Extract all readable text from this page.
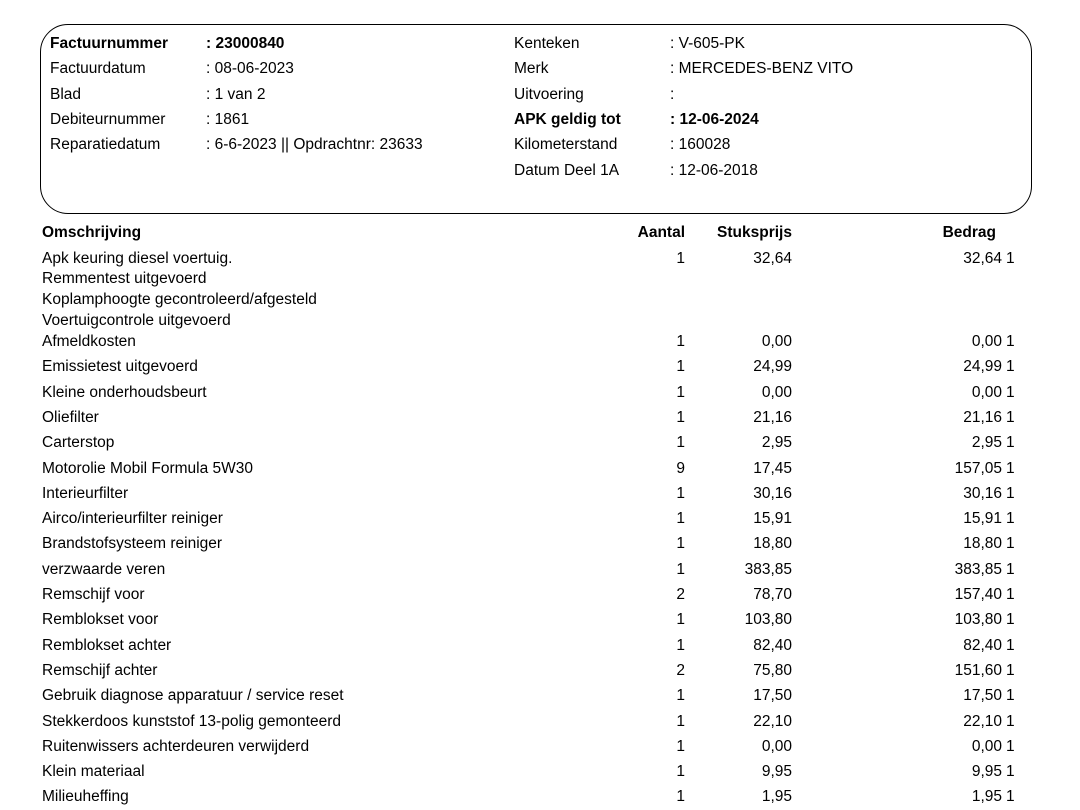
Factuurnummer : 23000840
Factuurdatum	: 08-06-2023
Blad	: 1 van 2
Debiteurnummer	: 1861
Reparatiedatum	: 6-6-2023 || Opdrachtnr: 23633
Kenteken	: V-605-PK
Merk	: MERCEDES-BENZ VITO
Uitvoering	:
APK geldig tot	: 12-06-2024
Kilometerstand	: 160028
Datum Deel 1A	: 12-06-2018
Omschrijving	Aantal Stuksprijs	Bedrag
Apk keuring diesel voertuig.	1	32,64	32,64 1
Remmentest uitgevoerd
Koplamphoogte gecontroleerd/afgesteld
Voertuigcontrole uitgevoerd
Afmeldkosten	1	0,00	0,00 1
Emissietest uitgevoerd	1	24,99	24,99 1
Kleine onderhoudsbeurt	1	0,00	0,00 1
Oliefilter	1	21,16	21,16 1
Carterstop	1	2,95	2,95 1
Motorolie Mobil Formula 5W30	9	17,45	157,05 1
Interieurfilter	1	30,16	30,16 1
Airco/interieurfilter reiniger	1	15,91	15,91 1
Brandstofsysteem reiniger	1	18,80	18,80 1
verzwaarde veren	1	383,85	383,85 1
Remschijf voor	2	78,70	157,40 1
Remblokset voor	1	103,80	103,80 1
Remblokset achter	1	82,40	82,40 1
Remschijf achter	2	75,80	151,60 1
Gebruik diagnose apparatuur / service reset	1	17,50	17,50 1
Stekkerdoos kunststof 13-polig gemonteerd	1	22,10	22,10 1
Ruitenwissers achterdeuren verwijderd	1	0,00	0,00 1
Klein materiaal	1	9,95	9,95 1
Milieuheffing	1	1,95	1,95 1
